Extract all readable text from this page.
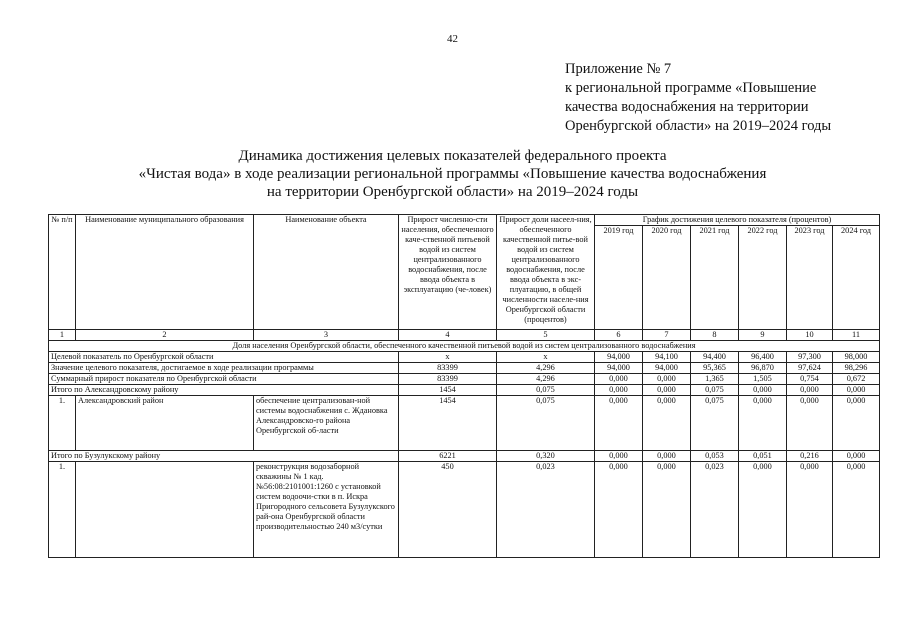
42
Приложение № 7
к региональной программе «Повышение
качества водоснабжения на территории
Оренбургской области» на 2019–2024 годы
Динамика достижения целевых показателей федерального проекта
«Чистая вода» в ходе реализации региональной программы «Повышение качества водоснабжения
на территории Оренбургской области» на 2019–2024 годы
№ п/п	Наименование муниципального образования	Наименование объекта	Прирост численно-сти населения, обеспеченного каче-ственной питьевой водой из систем централизованного водоснабжения, после ввода объекта в эксплуатацию (че-ловек)	Прирост доли насеел-ния, обеспеченного качественной питье-вой водой из систем централизованного водоснабжения, после ввода объекта в экс-плуатацию, в общей численности населе-ния Оренбургской области (процентов)	График достижения целевого показателя (процентов)					
					2019 год	2020 год	2021 год	2022 год	2023 год	2024 год
1	2	3	4	5	6	7	8	9	10	11
Доля населения Оренбургской области, обеспеченного качественной питьевой водой из систем централизованного водоснабжения										
Целевой показатель по Оренбургской области			x	x	94,000	94,100	94,400	96,400	97,300	98,000
Значение целевого показателя, достигаемое в ходе реализации программы			83399	4,296	94,000	94,000	95,365	96,870	97,624	98,296
Суммарный прирост показателя по Оренбургской области			83399	4,296	0,000	0,000	1,365	1,505	0,754	0,672
Итого по Александровскому району			1454	0,075	0,000	0,000	0,075	0,000	0,000	0,000
1.	Александровский район	обеспечение централизован-ной системы водоснабжения с. Ждановка Александровско-го района Оренбургской об-ласти	1454	0,075	0,000	0,000	0,075	0,000	0,000	0,000
Итого по Бузулукскому району			6221	0,320	0,000	0,000	0,053	0,051	0,216	0,000
1.		реконструкция водозаборной скважины № 1 кад.№56:08:2101001:1260 с установкой систем водоочи-стки в п. Искра Пригородного сельсовета Бузулукского рай-она Оренбургской области производительностью 240 м3/сутки	450	0,023	0,000	0,000	0,023	0,000	0,000	0,000
